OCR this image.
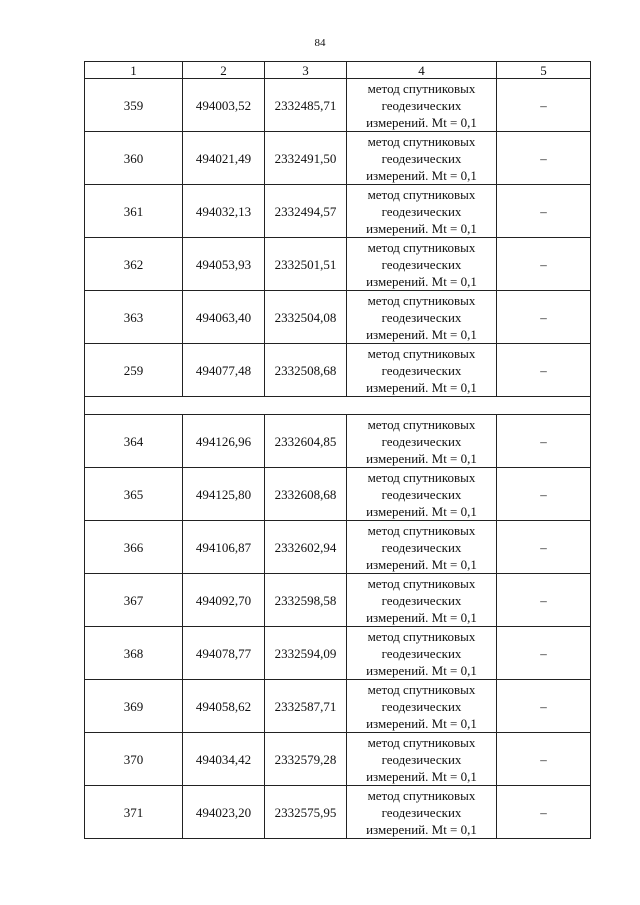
84
1	2	3	4	5
359	494003,52	2332485,71	метод спутниковых
геодезических
измерений. Mt = 0,1	–
360	494021,49	2332491,50	метод спутниковых
геодезических
измерений. Mt = 0,1	–
361	494032,13	2332494,57	метод спутниковых
геодезических
измерений. Mt = 0,1	–
362	494053,93	2332501,51	метод спутниковых
геодезических
измерений. Mt = 0,1	–
363	494063,40	2332504,08	метод спутниковых
геодезических
измерений. Mt = 0,1	–
259	494077,48	2332508,68	метод спутниковых
геодезических
измерений. Mt = 0,1	–

364	494126,96	2332604,85	метод спутниковых
геодезических
измерений. Mt = 0,1	–
365	494125,80	2332608,68	метод спутниковых
геодезических
измерений. Mt = 0,1	–
366	494106,87	2332602,94	метод спутниковых
геодезических
измерений. Mt = 0,1	–
367	494092,70	2332598,58	метод спутниковых
геодезических
измерений. Mt = 0,1	–
368	494078,77	2332594,09	метод спутниковых
геодезических
измерений. Mt = 0,1	–
369	494058,62	2332587,71	метод спутниковых
геодезических
измерений. Mt = 0,1	–
370	494034,42	2332579,28	метод спутниковых
геодезических
измерений. Mt = 0,1	–
371	494023,20	2332575,95	метод спутниковых
геодезических
измерений. Mt = 0,1	–
